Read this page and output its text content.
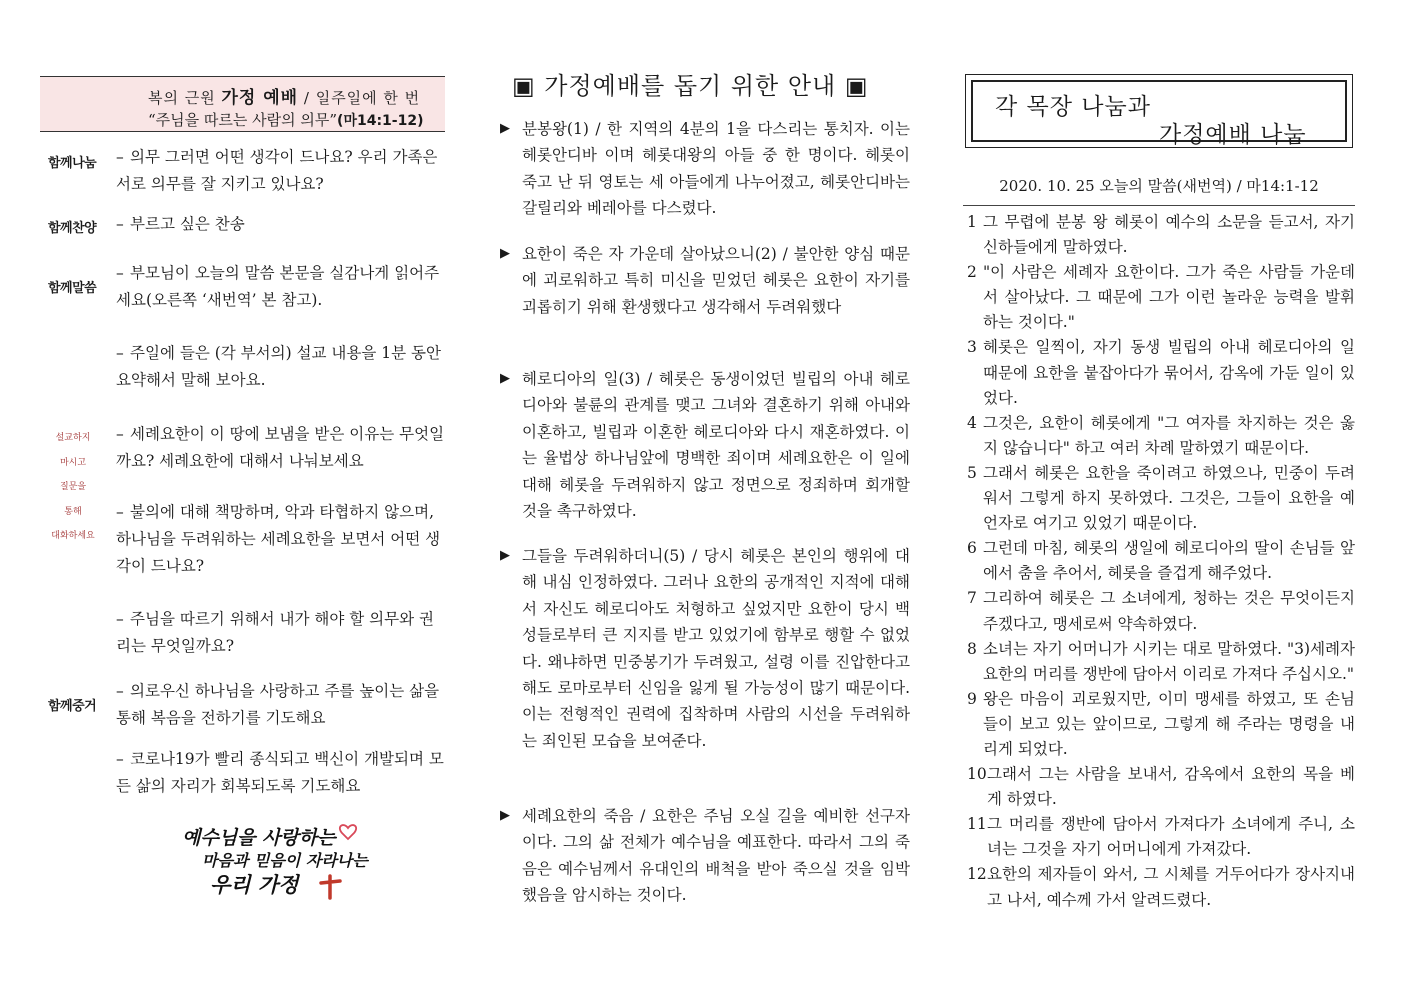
복의 근원 가정 예배 / 일주일에 한 번
“주님을 따르는 사람의 의무”(마14:1-12)
함께나눔	– 의무 그러면 어떤 생각이 드나요? 우리 가족은 서로 의무를 잘 지키고 있나요?
함께찬양	– 부르고 싶은 찬송
함께말씀
– 부모님이 오늘의 말씀 본문을 실감나게 읽어주세요(오른쪽 ‘새번역’ 본 참고).
– 주일에 들은 (각 부서의) 설교 내용을 1분 동안 요약해서 말해 보아요.
– 세례요한이 이 땅에 보냄을 받은 이유는 무엇일까요? 세례요한에 대해서 나눠보세요
– 불의에 대해 책망하며, 악과 타협하지 않으며, 하나님을 두려워하는 세례요한을 보면서 어떤 생각이 드나요?
– 주님을 따르기 위해서 내가 해야 할 의무와 권리는 무엇일까요?
함께중거
– 의로우신 하나님을 사랑하고 주를 높이는 삶을 통해 복음을 전하기를 기도해요
– 코로나19가 빨리 종식되고 백신이 개발되며 모든 삶의 자리가 회복되도록 기도해요
설교하지
마시고
질문을
통해
대화하세요
예수님을 사랑하는
마음과 믿음이 자라나는
우리 가정
▣ 가정예배를 돕기 위한 안내 ▣
▶ 분봉왕(1) / 한 지역의 4분의 1을 다스리는 통치자. 이는 헤롯안디바 이며 헤롯대왕의 아들 중 한 명이다. 헤롯이 죽고 난 뒤 영토는 세 아들에게 나누어졌고, 헤롯안디바는 갈릴리와 베레아를 다스렸다.
▶ 요한이 죽은 자 가운데 살아났으니(2) / 불안한 양심 때문에 괴로워하고 특히 미신을 믿었던 헤롯은 요한이 자기를 괴롭히기 위해 환생했다고 생각해서 두려워했다
▶ 헤로디아의 일(3) / 헤롯은 동생이었던 빌립의 아내 헤로디아와 불륜의 관계를 맺고 그녀와 결혼하기 위해 아내와 이혼하고, 빌립과 이혼한 헤로디아와 다시 재혼하였다. 이는 율법상 하나님앞에 명백한 죄이며 세례요한은 이 일에 대해 헤롯을 두려워하지 않고 정면으로 정죄하며 회개할 것을 촉구하였다.
▶ 그들을 두려워하더니(5) / 당시 헤롯은 본인의 행위에 대해 내심 인정하였다. 그러나 요한의 공개적인 지적에 대해서 자신도 헤로디아도 처형하고 싶었지만 요한이 당시 백성들로부터 큰 지지를 받고 있었기에 함부로 행할 수 없었다. 왜냐하면 민중봉기가 두려웠고, 설령 이를 진압한다고 해도 로마로부터 신임을 잃게 될 가능성이 많기 때문이다. 이는 전형적인 권력에 집착하며 사람의 시선을 두려워하는 죄인된 모습을 보여준다.
▶ 세례요한의 죽음 / 요한은 주님 오실 길을 예비한 선구자이다. 그의 삶 전체가 예수님을 예표한다. 따라서 그의 죽음은 예수님께서 유대인의 배척을 받아 죽으실 것을 임박했음을 암시하는 것이다.
각 목장 나눔과
가정예배 나눔
2020. 10. 25 오늘의 말씀(새번역) / 마14:1-12
1 그 무렵에 분봉 왕 헤롯이 예수의 소문을 듣고서, 자기 신하들에게 말하였다.
2 "이 사람은 세례자 요한이다. 그가 죽은 사람들 가운데서 살아났다. 그 때문에 그가 이런 놀라운 능력을 발휘하는 것이다."
3 헤롯은 일찍이, 자기 동생 빌립의 아내 헤로디아의 일 때문에 요한을 붙잡아다가 묶어서, 감옥에 가둔 일이 있었다.
4 그것은, 요한이 헤롯에게 "그 여자를 차지하는 것은 옳지 않습니다" 하고 여러 차례 말하였기 때문이다.
5 그래서 헤롯은 요한을 죽이려고 하였으나, 민중이 두려워서 그렇게 하지 못하였다. 그것은, 그들이 요한을 예언자로 여기고 있었기 때문이다.
6 그런데 마침, 헤롯의 생일에 헤로디아의 딸이 손님들 앞에서 춤을 추어서, 헤롯을 즐겁게 해주었다.
7 그리하여 헤롯은 그 소녀에게, 청하는 것은 무엇이든지 주겠다고, 맹세로써 약속하였다.
8 소녀는 자기 어머니가 시키는 대로 말하였다. "3)세례자 요한의 머리를 쟁반에 담아서 이리로 가져다 주십시오."
9 왕은 마음이 괴로웠지만, 이미 맹세를 하였고, 또 손님들이 보고 있는 앞이므로, 그렇게 해 주라는 명령을 내리게 되었다.
10 그래서 그는 사람을 보내서, 감옥에서 요한의 목을 베게 하였다.
11 그 머리를 쟁반에 담아서 가져다가 소녀에게 주니, 소녀는 그것을 자기 어머니에게 가져갔다.
12 요한의 제자들이 와서, 그 시체를 거두어다가 장사지내고 나서, 예수께 가서 알려드렸다.
